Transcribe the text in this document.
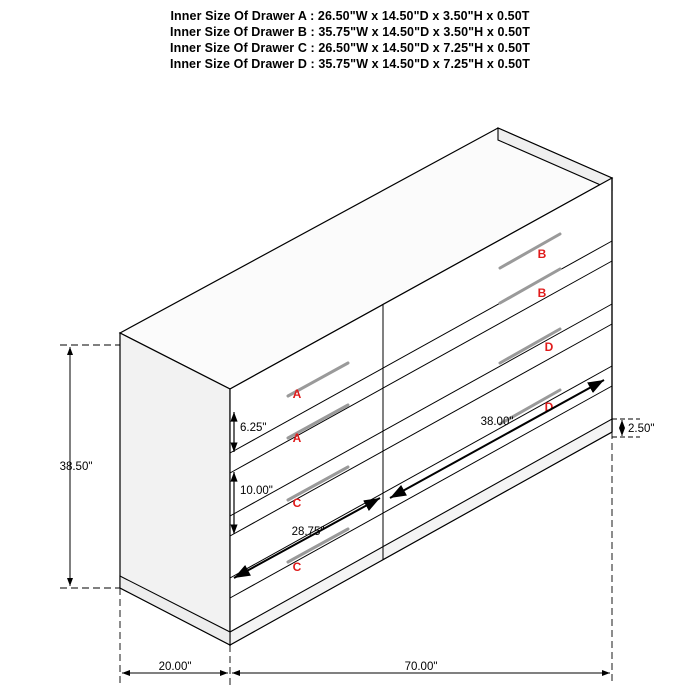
Inner Size Of Drawer A : 26.50"W x 14.50"D x 3.50"H x 0.50T
Inner Size Of Drawer B : 35.75"W x 14.50"D x 3.50"H x 0.50T
Inner Size Of Drawer C : 26.50"W x 14.50"D x 7.25"H x 0.50T
Inner Size Of Drawer D : 35.75"W x 14.50"D x 7.25"H x 0.50T
B
B
D
D
A
A
C
C
38.50"
70.00"
20.00"
2.50"
6.25"
10.00"
38.00"
28.75"
